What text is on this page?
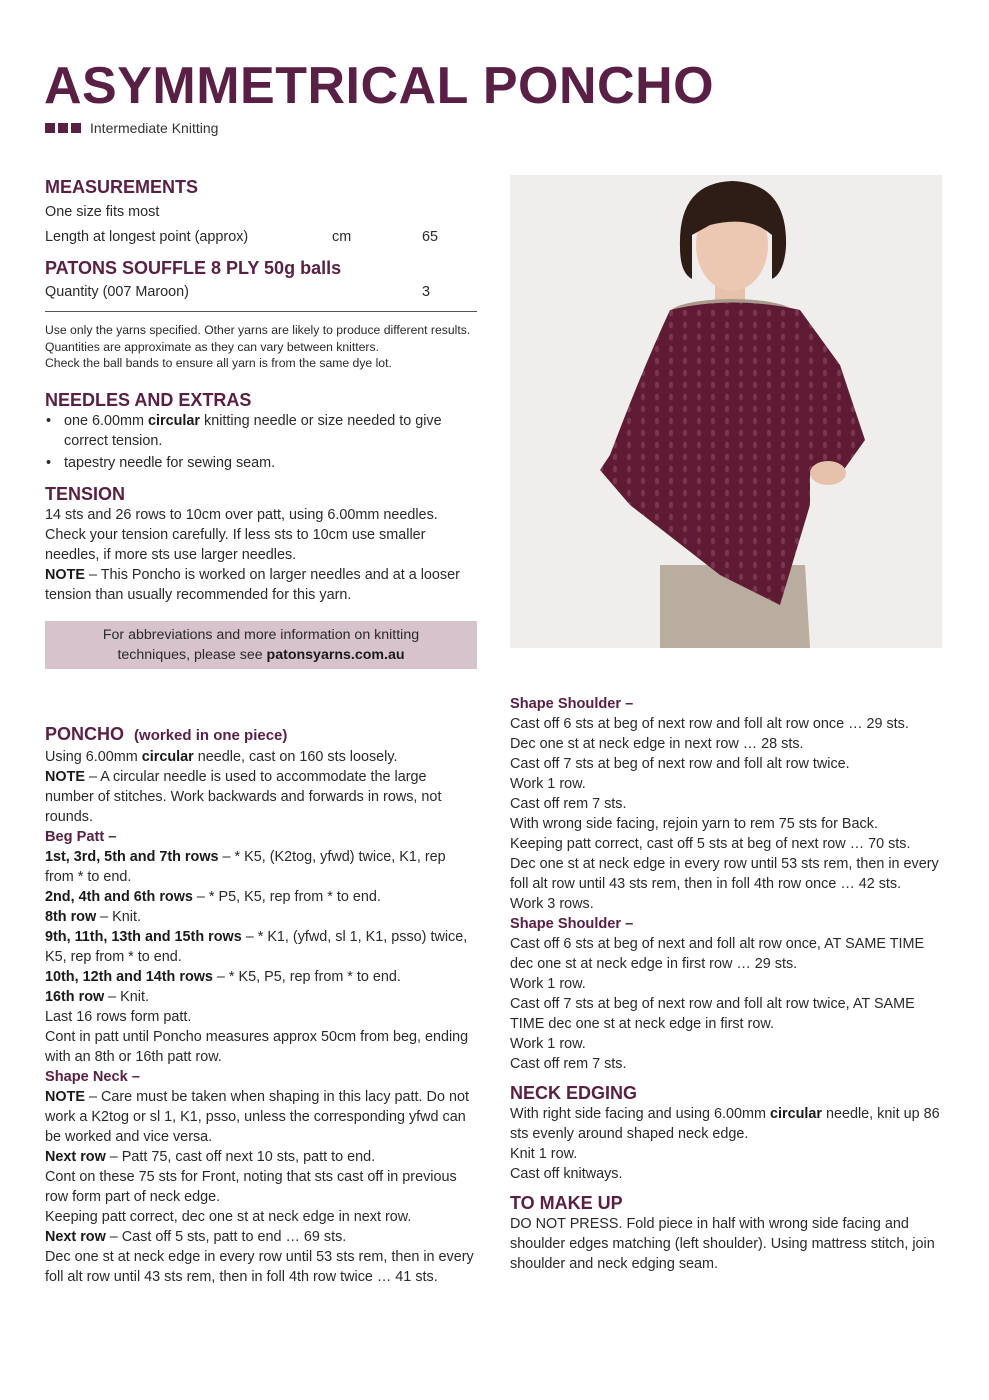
ASYMMETRICAL PONCHO
Intermediate Knitting
MEASUREMENTS
One size fits most
Length at longest point (approx)	cm	65
PATONS SOUFFLE 8 PLY 50g balls
Quantity (007 Maroon)	3
Use only the yarns specified. Other yarns are likely to produce different results.
Quantities are approximate as they can vary between knitters.
Check the ball bands to ensure all yarn is from the same dye lot.
NEEDLES AND EXTRAS
• one 6.00mm circular knitting needle or size needed to give correct tension.
• tapestry needle for sewing seam.
TENSION
14 sts and 26 rows to 10cm over patt, using 6.00mm needles. Check your tension carefully. If less sts to 10cm use smaller needles, if more sts use larger needles.
NOTE – This Poncho is worked on larger needles and at a looser tension than usually recommended for this yarn.
For abbreviations and more information on knitting
techniques, please see patonsyarns.com.au
PONCHO (worked in one piece)
Using 6.00mm circular needle, cast on 160 sts loosely.
NOTE – A circular needle is used to accommodate the large number of stitches. Work backwards and forwards in rows, not rounds.
Beg Patt –
1st, 3rd, 5th and 7th rows – * K5, (K2tog, yfwd) twice, K1, rep from * to end.
2nd, 4th and 6th rows – * P5, K5, rep from * to end.
8th row – Knit.
9th, 11th, 13th and 15th rows – * K1, (yfwd, sl 1, K1, psso) twice, K5, rep from * to end.
10th, 12th and 14th rows – * K5, P5, rep from * to end.
16th row – Knit.
Last 16 rows form patt.
Cont in patt until Poncho measures approx 50cm from beg, ending with an 8th or 16th patt row.
Shape Neck –
NOTE – Care must be taken when shaping in this lacy patt. Do not work a K2tog or sl 1, K1, psso, unless the corresponding yfwd can be worked and vice versa.
Next row – Patt 75, cast off next 10 sts, patt to end.
Cont on these 75 sts for Front, noting that sts cast off in previous row form part of neck edge.
Keeping patt correct, dec one st at neck edge in next row.
Next row – Cast off 5 sts, patt to end … 69 sts.
Dec one st at neck edge in every row until 53 sts rem, then in every foll alt row until 43 sts rem, then in foll 4th row twice … 41 sts.
Shape Shoulder –
Cast off 6 sts at beg of next row and foll alt row once … 29 sts.
Dec one st at neck edge in next row … 28 sts.
Cast off 7 sts at beg of next row and foll alt row twice.
Work 1 row.
Cast off rem 7 sts.
With wrong side facing, rejoin yarn to rem 75 sts for Back.
Keeping patt correct, cast off 5 sts at beg of next row … 70 sts.
Dec one st at neck edge in every row until 53 sts rem, then in every foll alt row until 43 sts rem, then in foll 4th row once … 42 sts.
Work 3 rows.
Shape Shoulder –
Cast off 6 sts at beg of next and foll alt row once, AT SAME TIME dec one st at neck edge in first row … 29 sts.
Work 1 row.
Cast off 7 sts at beg of next row and foll alt row twice, AT SAME TIME dec one st at neck edge in first row.
Work 1 row.
Cast off rem 7 sts.
NECK EDGING
With right side facing and using 6.00mm circular needle, knit up 86 sts evenly around shaped neck edge.
Knit 1 row.
Cast off knitways.
TO MAKE UP
DO NOT PRESS. Fold piece in half with wrong side facing and shoulder edges matching (left shoulder). Using mattress stitch, join shoulder and neck edging seam.
